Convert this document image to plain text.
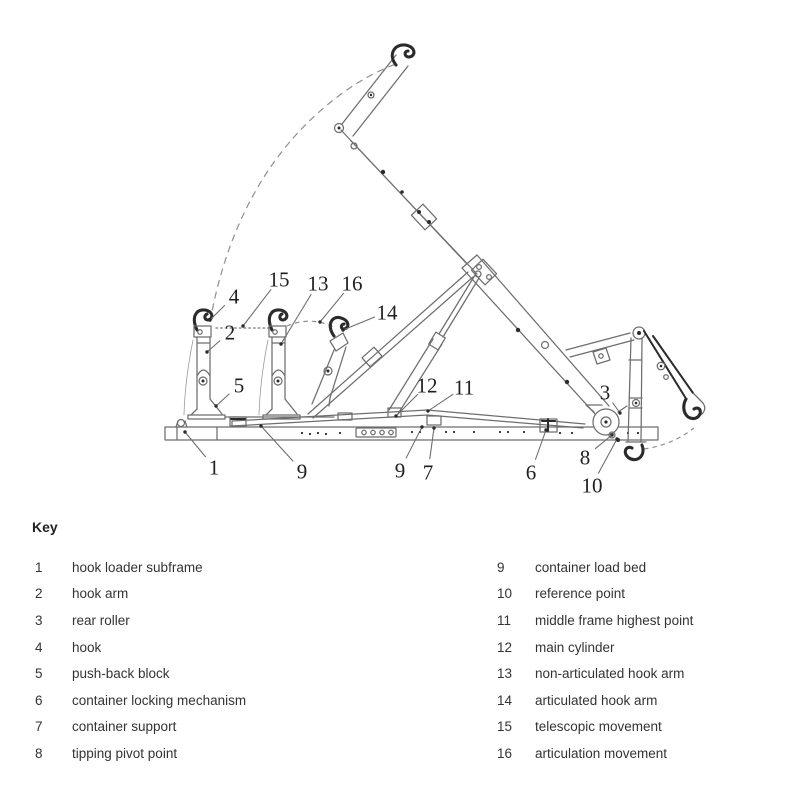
1
2
3
4
5
6
7
8
9	9
10
11
12
13
14
15 16
Key
1	hook loader subframe
2	hook arm
3	rear roller
4	hook
5	push-back block
6	container locking mechanism
7	container support
8	tipping pivot point
9	container load bed
10	reference point
11	middle frame highest point
12	main cylinder
13	non-articulated hook arm
14	articulated hook arm
15	telescopic movement
16	articulation movement
